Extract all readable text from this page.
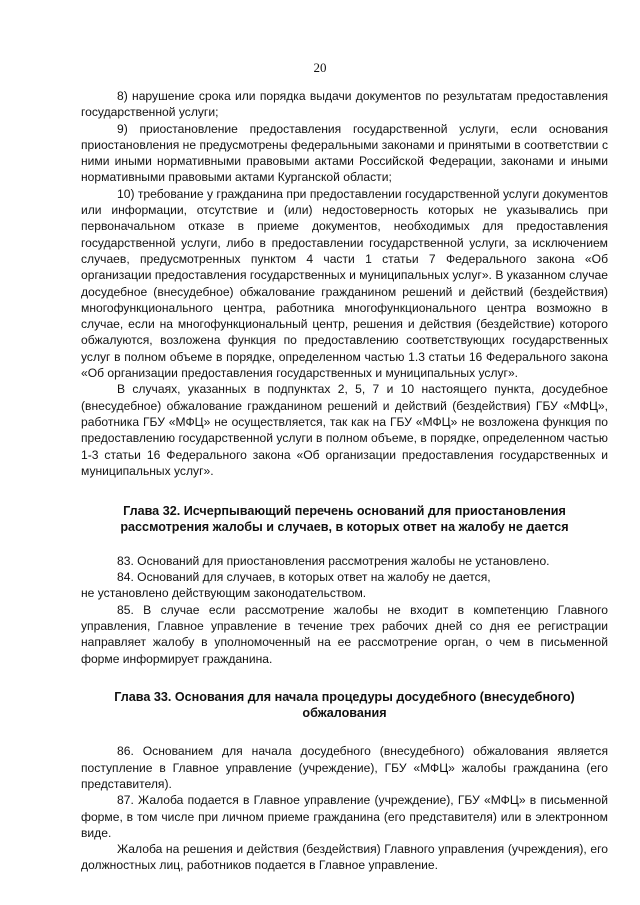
20

8) нарушение срока или порядка выдачи документов по результатам предоставления государственной услуги;

9) приостановление предоставления государственной услуги, если основания приостановления не предусмотрены федеральными законами и принятыми в соответствии с ними иными нормативными правовыми актами Российской Федерации, законами и иными нормативными правовыми актами Курганской области;

10) требование у гражданина при предоставлении государственной услуги документов или информации, отсутствие и (или) недостоверность которых не указывались при первоначальном отказе в приеме документов, необходимых для предоставления государственной услуги, либо в предоставлении государственной услуги, за исключением случаев, предусмотренных пунктом 4 части 1 статьи 7 Федерального закона «Об организации предоставления государственных и муниципальных услуг». В указанном случае досудебное (внесудебное) обжалование гражданином решений и действий (бездействия) многофункционального центра, работника многофункционального центра возможно в случае, если на многофункциональный центр, решения и действия (бездействие) которого обжалуются, возложена функция по предоставлению соответствующих государственных услуг в полном объеме в порядке, определенном частью 1.3 статьи 16 Федерального закона «Об организации предоставления государственных и муниципальных услуг».

В случаях, указанных в подпунктах 2, 5, 7 и 10 настоящего пункта, досудебное (внесудебное) обжалование гражданином решений и действий (бездействия) ГБУ «МФЦ», работника ГБУ «МФЦ» не осуществляется, так как на ГБУ «МФЦ» не возложена функция по предоставлению государственной услуги в полном объеме, в порядке, определенном частью 1-3 статьи 16 Федерального закона «Об организации предоставления государственных и муниципальных услуг».

Глава 32. Исчерпывающий перечень оснований для приостановления рассмотрения жалобы и случаев, в которых ответ на жалобу не дается

83. Оснований для приостановления рассмотрения жалобы не установлено.

84. Оснований для случаев, в которых ответ на жалобу не дается,

не установлено действующим законодательством.

85. В случае если рассмотрение жалобы не входит в компетенцию Главного управления, Главное управление в течение трех рабочих дней со дня ее регистрации направляет жалобу в уполномоченный на ее рассмотрение орган, о чем в письменной форме информирует гражданина.

Глава 33. Основания для начала процедуры досудебного (внесудебного) обжалования

86. Основанием для начала досудебного (внесудебного) обжалования является поступление в Главное управление (учреждение), ГБУ «МФЦ» жалобы гражданина (его представителя).

87. Жалоба подается в Главное управление (учреждение), ГБУ «МФЦ» в письменной форме, в том числе при личном приеме гражданина (его представителя) или в электронном виде.

Жалоба на решения и действия (бездействия) Главного управления (учреждения), его должностных лиц, работников подается в Главное управление.
